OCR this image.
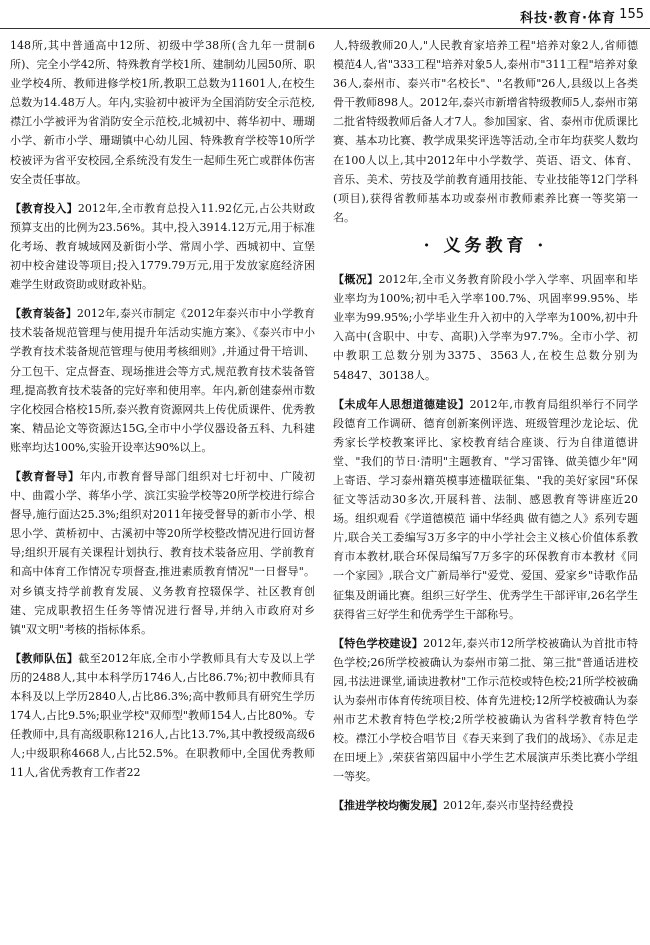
科技·教育·体育 155

148所,其中普通高中12所、初级中学38所(含九年一贯制6所)、完全小学42所、特殊教育学校1所、建制幼儿园50所、职业学校4所、教师进修学校1所,教职工总数为11601人,在校生总数为14.48万人。年内,实验初中被评为全国消防安全示范校,襟江小学被评为省消防安全示范校,北城初中、蒋华初中、珊瑚小学、新市小学、珊瑚镇中心幼儿园、特殊教育学校等10所学校被评为省平安校园,全系统没有发生一起师生死亡或群体伤害安全责任事故。

【教育投入】2012年,全市教育总投入11.92亿元,占公共财政预算支出的比例为23.56%。其中,投入3914.12万元,用于标准化考场、教育城域网及新街小学、常周小学、西城初中、宣堡初中校舍建设等项目;投入1779.79万元,用于发放家庭经济困难学生财政资助或财政补贴。

【教育装备】2012年,泰兴市制定《2012年泰兴市中小学教育技术装备规范管理与使用提升年活动实施方案》、《泰兴市中小学教育技术装备规范管理与使用考核细则》,并通过骨干培训、分工包干、定点督查、现场推进会等方式,规范教育技术装备管理,提高教育技术装备的完好率和使用率。年内,新创建泰州市数字化校园合格校15所,泰兴教育资源网共上传优质课件、优秀教案、精品论文等资源达15G,全市中小学仪器设备五科、九科建账率均达100%,实验开设率达90%以上。

【教育督导】年内,市教育督导部门组织对七圩初中、广陵初中、曲霞小学、蒋华小学、滨江实验学校等20所学校进行综合督导,施行面达25.3%;组织对2011年接受督导的新市小学、根思小学、黄桥初中、古溪初中等20所学校整改情况进行回访督导;组织开展有关课程计划执行、教育技术装备应用、学前教育和高中体育工作情况专项督查,推进素质教育情况"一日督导"。对乡镇支持学前教育发展、义务教育控辍保学、社区教育创建、完成职教招生任务等情况进行督导,并纳入市政府对乡镇"双文明"考核的指标体系。

【教师队伍】截至2012年底,全市小学教师具有大专及以上学历的2488人,其中本科学历1746人,占比86.7%;初中教师具有本科及以上学历2840人,占比86.3%;高中教师具有研究生学历174人,占比9.5%;职业学校"双师型"教师154人,占比80%。专任教师中,具有高级职称1216人,占比13.7%,其中教授级高级6人;中级职称4668人,占比52.5%。在职教师中,全国优秀教师11人,省优秀教育工作者22

人,特级教师20人,"人民教育家培养工程"培养对象2人,省师德模范4人,省"333工程"培养对象5人,泰州市"311工程"培养对象36人,泰州市、泰兴市"名校长"、"名教师"26人,县级以上各类骨干教师898人。2012年,泰兴市新增省特级教师5人,泰州市第二批省特级教师后备人才7人。参加国家、省、泰州市优质课比赛、基本功比赛、教学成果奖评选等活动,全市年均获奖人数均在100人以上,其中2012年中小学数学、英语、语文、体育、音乐、美术、劳技及学前教育通用技能、专业技能等12门学科(项目),获得省教师基本功或泰州市教师素养比赛一等奖第一名。

· 义务教育 ·

【概况】2012年,全市义务教育阶段小学入学率、巩固率和毕业率均为100%;初中毛入学率100.7%、巩固率99.95%、毕业率为99.95%;小学毕业生升入初中的入学率为100%,初中升入高中(含职中、中专、高职)入学率为97.7%。全市小学、初中教职工总数分别为3375、3563人,在校生总数分别为54847、30138人。

【未成年人思想道德建设】2012年,市教育局组织举行不同学段德育工作调研、德育创新案例评选、班级管理沙龙论坛、优秀家长学校教案评比、家校教育结合座谈、行为自律道德讲堂、"我们的节日·清明"主题教育、"学习雷锋、做美德少年"网上寄语、学习泰州籍英模事迹楹联征集、"我的美好家园"环保征文等活动30多次,开展科普、法制、感恩教育等讲座近20场。组织观看《学道德模范 诵中华经典 做有德之人》系列专题片,联合关工委编写3万多字的中小学社会主义核心价值体系教育市本教材,联合环保局编写7万多字的环保教育市本教材《同一个家园》,联合文广新局举行"爱党、爱国、爱家乡"诗歌作品征集及朗诵比赛。组织三好学生、优秀学生干部评审,26名学生获得省三好学生和优秀学生干部称号。

【特色学校建设】2012年,泰兴市12所学校被确认为首批市特色学校;26所学校被确认为泰州市第二批、第三批"普通话进校园,书法进课堂,诵读进教材"工作示范校或特色校;21所学校被确认为泰州市体育传统项目校、体育先进校;12所学校被确认为泰州市艺术教育特色学校;2所学校被确认为省科学教育特色学校。襟江小学校合唱节目《春天来到了我们的战场》、《赤足走在田埂上》,荣获省第四届中小学生艺术展演声乐类比赛小学组一等奖。

【推进学校均衡发展】2012年,泰兴市坚持经费投
